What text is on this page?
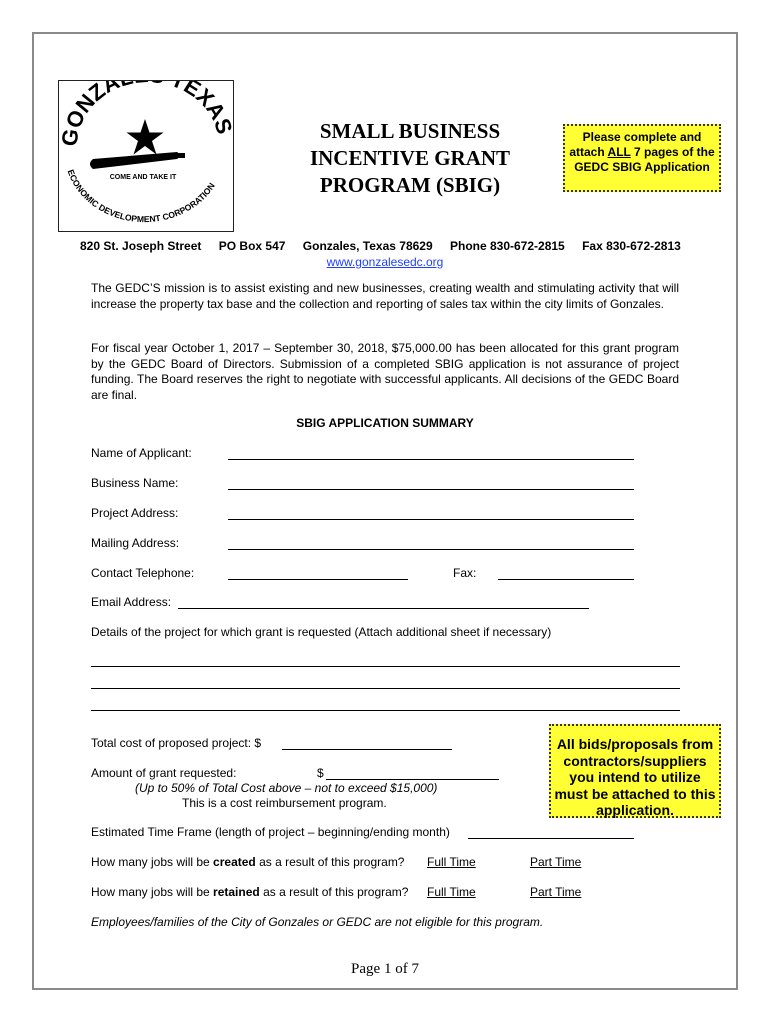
GONZA EXA
COME AND TAKE IT
ECONOMIC DEVELOPMENT CORPORATION
SMALL BUSINESS
INCENTIVE GRANT
PROGRAM (SBIG)
Please complete and attach ALL 7 pages of the GEDC SBIG Application
820 St. Joseph Street PO Box 547 Gonzales, Texas 78629 Phone 830-672-2815 Fax 830-672-2813
www.gonzalesedc.org
The GEDC’S mission is to assist existing and new businesses, creating wealth and stimulating activity that will increase the property tax base and the collection and reporting of sales tax within the city limits of Gonzales.
For fiscal year October 1, 2017 – September 30, 2018, $75,000.00 has been allocated for this grant program by the GEDC Board of Directors. Submission of a completed SBIG application is not assurance of project funding. The Board reserves the right to negotiate with successful applicants. All decisions of the GEDC Board are final.
SBIG APPLICATION SUMMARY
Name of Applicant:
Business Name:
Project Address:
Mailing Address:
Contact Telephone:	Fax:
Email Address:
Details of the project for which grant is requested (Attach additional sheet if necessary)
Total cost of proposed project: $
Amount of grant requested:	$
(Up to 50% of Total Cost above – not to exceed $15,000)
This is a cost reimbursement program.
All bids/proposals from contractors/suppliers you intend to utilize must be attached to this application.
Estimated Time Frame (length of project – beginning/ending month)
How many jobs will be created as a result of this program? Full Time	Part Time
How many jobs will be retained as a result of this program? Full Time	Part Time
Employees/families of the City of Gonzales or GEDC are not eligible for this program.
Page 1 of 7
